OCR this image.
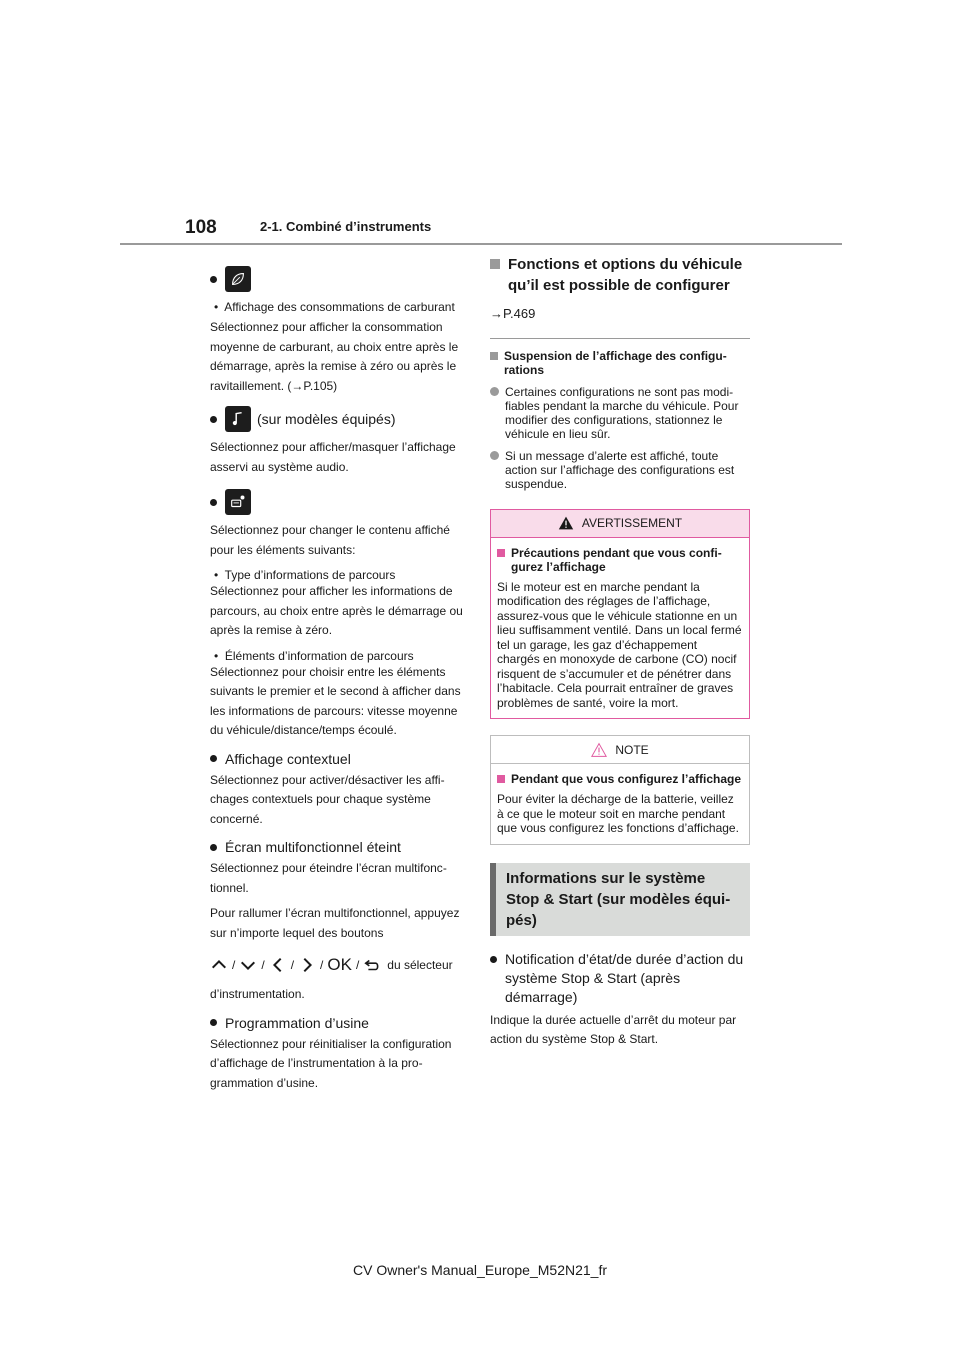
108	2-1. Combiné d’instruments

•  Affichage des consommations de carburant

Sélectionnez pour afficher la consommation moyenne de carburant, au choix entre après le démarrage, après la remise à zéro ou après le ravitaillement. (→P.105)

(sur modèles équipés)

Sélectionnez pour afficher/masquer l’affichage asservi au système audio.

Sélectionnez pour changer le contenu affiché pour les éléments suivants:

•  Type d’informations de parcours

Sélectionnez pour afficher les informations de parcours, au choix entre après le démarrage ou après la remise à zéro.

•  Éléments d’information de parcours

Sélectionnez pour choisir entre les éléments suivants le premier et le second à afficher dans les informations de parcours: vitesse moyenne du véhicule/distance/temps écoulé.

Affichage contextuel

Sélectionnez pour activer/désactiver les affichages contextuels pour chaque système concerné.

Écran multifonctionnel éteint

Sélectionnez pour éteindre l’écran multifonctionnel.

Pour rallumer l’écran multifonctionnel, appuyez sur n’importe lequel des boutons

/ / / / OK / du sélecteur

d’instrumentation.

Programmation d’usine

Sélectionnez pour réinitialiser la configuration d’affichage de l’instrumentation à la programmation d’usine.

Fonctions et options du véhicule qu’il est possible de configurer

→P.469

Suspension de l’affichage des configurations
Certaines configurations ne sont pas modifiables pendant la marche du véhicule. Pour modifier des configurations, stationnez le véhicule en lieu sûr.
Si un message d’alerte est affiché, toute action sur l’affichage des configurations est suspendue.
AVERTISSEMENT
Précautions pendant que vous configurez l’affichage

Si le moteur est en marche pendant la modification des réglages de l’affichage, assurez-vous que le véhicule stationne en un lieu suffisamment ventilé. Dans un local fermé tel un garage, les gaz d’échappement chargés en monoxyde de carbone (CO) nocif risquent de s’accumuler et de pénétrer dans l’habitacle. Cela pourrait entraîner de graves problèmes de santé, voire la mort.

NOTE
Pendant que vous configurez l’affichage

Pour éviter la décharge de la batterie, veillez à ce que le moteur soit en marche pendant que vous configurez les fonctions d’affichage.

Informations sur le système Stop & Start (sur modèles équipés)
Notification d’état/de durée d’action du système Stop & Start (après démarrage)

Indique la durée actuelle d’arrêt du moteur par action du système Stop & Start.

CV Owner's Manual_Europe_M52N21_fr
